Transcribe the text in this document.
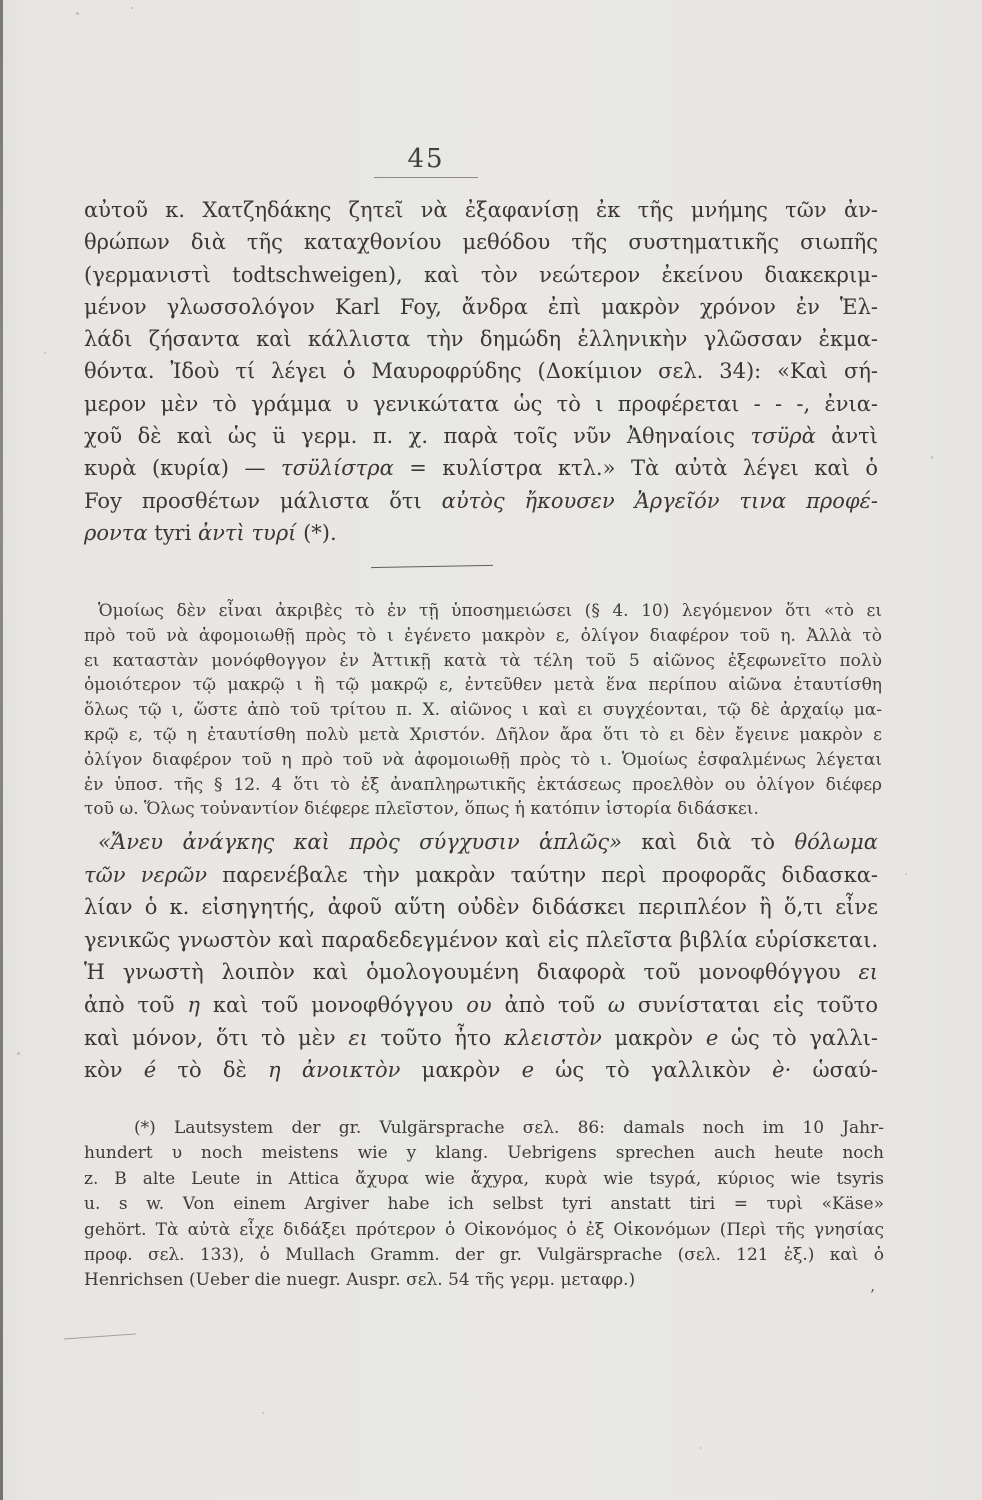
45
αὐτοῦ κ. Χατζηδάκης ζητεῖ νὰ ἐξαφανίσῃ ἐκ τῆς μνήμης τῶν ἀν-
θρώπων διὰ τῆς καταχθονίου μεθόδου τῆς συστηματικῆς σιωπῆς
(γερμανιστὶ todtschweigen), καὶ τὸν νεώτερον ἐκείνου διακεκριμ-
μένον γλωσσολόγον Karl Foy, ἄνδρα ἐπὶ μακρὸν χρόνον ἐν Ἑλ-
λάδι ζήσαντα καὶ κάλλιστα τὴν δημώδη ἑλληνικὴν γλῶσσαν ἐκμα-
θόντα. Ἰδοὺ τί λέγει ὁ Μαυροφρύδης (Δοκίμιον σελ. 34): «Καὶ σή-
μερον μὲν τὸ γράμμα υ γενικώτατα ὡς τὸ ι προφέρεται - - -, ἐνια-
χοῦ δὲ καὶ ὡς ü γερμ. π. χ. παρὰ τοῖς νῦν Ἀθηναίοις τσϋρὰ ἀντὶ
κυρὰ (κυρία) — τσϋλίστρα = κυλίστρα κτλ.» Τὰ αὐτὰ λέγει καὶ ὁ
Foy προσθέτων μάλιστα ὅτι αὐτὸς ἤκουσεν Ἀργεῖόν τινα προφέ-
ροντα tyri ἀντὶ τυρί (*).
Ὁμοίως δὲν εἶναι ἀκριβὲς τὸ ἐν τῇ ὑποσημειώσει (§ 4. 10) λεγόμενον ὅτι «τὸ ει
πρὸ τοῦ νὰ ἀφομοιωθῇ πρὸς τὸ ι ἐγένετο μακρὸν ε, ὀλίγον διαφέρον τοῦ η. Ἀλλὰ τὸ
ει καταστὰν μονόφθογγον ἐν Ἀττικῇ κατὰ τὰ τέλη τοῦ 5 αἰῶνος ἐξεφωνεῖτο πολὺ
ὁμοιότερον τῷ μακρῷ ι ἢ τῷ μακρῷ ε, ἐντεῦθεν μετὰ ἕνα περίπου αἰῶνα ἐταυτίσθη
ὅλως τῷ ι, ὥστε ἀπὸ τοῦ τρίτου π. Χ. αἰῶνος ι καὶ ει συγχέονται, τῷ δὲ ἀρχαίῳ μα-
κρῷ ε, τῷ η ἐταυτίσθη πολὺ μετὰ Χριστόν. Δῆλον ἄρα ὅτι τὸ ει δὲν ἔγεινε μακρὸν ε
ὀλίγον διαφέρον τοῦ η πρὸ τοῦ νὰ ἀφομοιωθῇ πρὸς τὸ ι. Ὁμοίως ἐσφαλμένως λέγεται
ἐν ὑποσ. τῆς § 12. 4 ὅτι τὸ ἐξ ἀναπληρωτικῆς ἐκτάσεως προελθὸν ου ὀλίγον διέφερ
τοῦ ω. Ὅλως τοὐναντίον διέφερε πλεῖστον, ὅπως ἡ κατόπιν ἱστορία διδάσκει.
«Ἄνευ ἀνάγκης καὶ πρὸς σύγχυσιν ἁπλῶς» καὶ διὰ τὸ θόλωμα
τῶν νερῶν παρενέβαλε τὴν μακρὰν ταύτην περὶ προφορᾶς διδασκα-
λίαν ὁ κ. εἰσηγητής, ἀφοῦ αὕτη οὐδὲν διδάσκει περιπλέον ἢ ὅ,τι εἶνε
γενικῶς γνωστὸν καὶ παραδεδεγμένον καὶ εἰς πλεῖστα βιβλία εὑρίσκεται.
Ἡ γνωστὴ λοιπὸν καὶ ὁμολογουμένη διαφορὰ τοῦ μονοφθόγγου ει
ἀπὸ τοῦ η καὶ τοῦ μονοφθόγγου ου ἀπὸ τοῦ ω συνίσταται εἰς τοῦτο
καὶ μόνον, ὅτι τὸ μὲν ει τοῦτο ἦτο κλειστὸν μακρὸν e ὡς τὸ γαλλι-
κὸν é τὸ δὲ η ἀνοικτὸν μακρὸν e ὡς τὸ γαλλικὸν è· ὡσαύ-
(*) Lautsystem der gr. Vulgärsprache σελ. 86: damals noch im 10 Jahr-
hundert υ noch meistens wie y klang. Uebrigens sprechen auch heute noch
z. B alte Leute in Attica ἄχυρα wie ἄχyρα, κυρὰ wie tsyρά, κύριος wie tsyris
u. s w. Von einem Argiver habe ich selbst tyri anstatt tiri = τυρὶ «Käse»
gehört. Τὰ αὐτὰ εἶχε διδάξει πρότερον ὁ Οἰκονόμος ὁ ἐξ Οἰκονόμων (Περὶ τῆς γνησίας
προφ. σελ. 133), ὁ Mullach Gramm. der gr. Vulgärsprache (σελ. 121 ἑξ.) καὶ ὁ
Henrichsen (Ueber die nuegr. Auspr. σελ. 54 τῆς γερμ. μεταφρ.)
’
